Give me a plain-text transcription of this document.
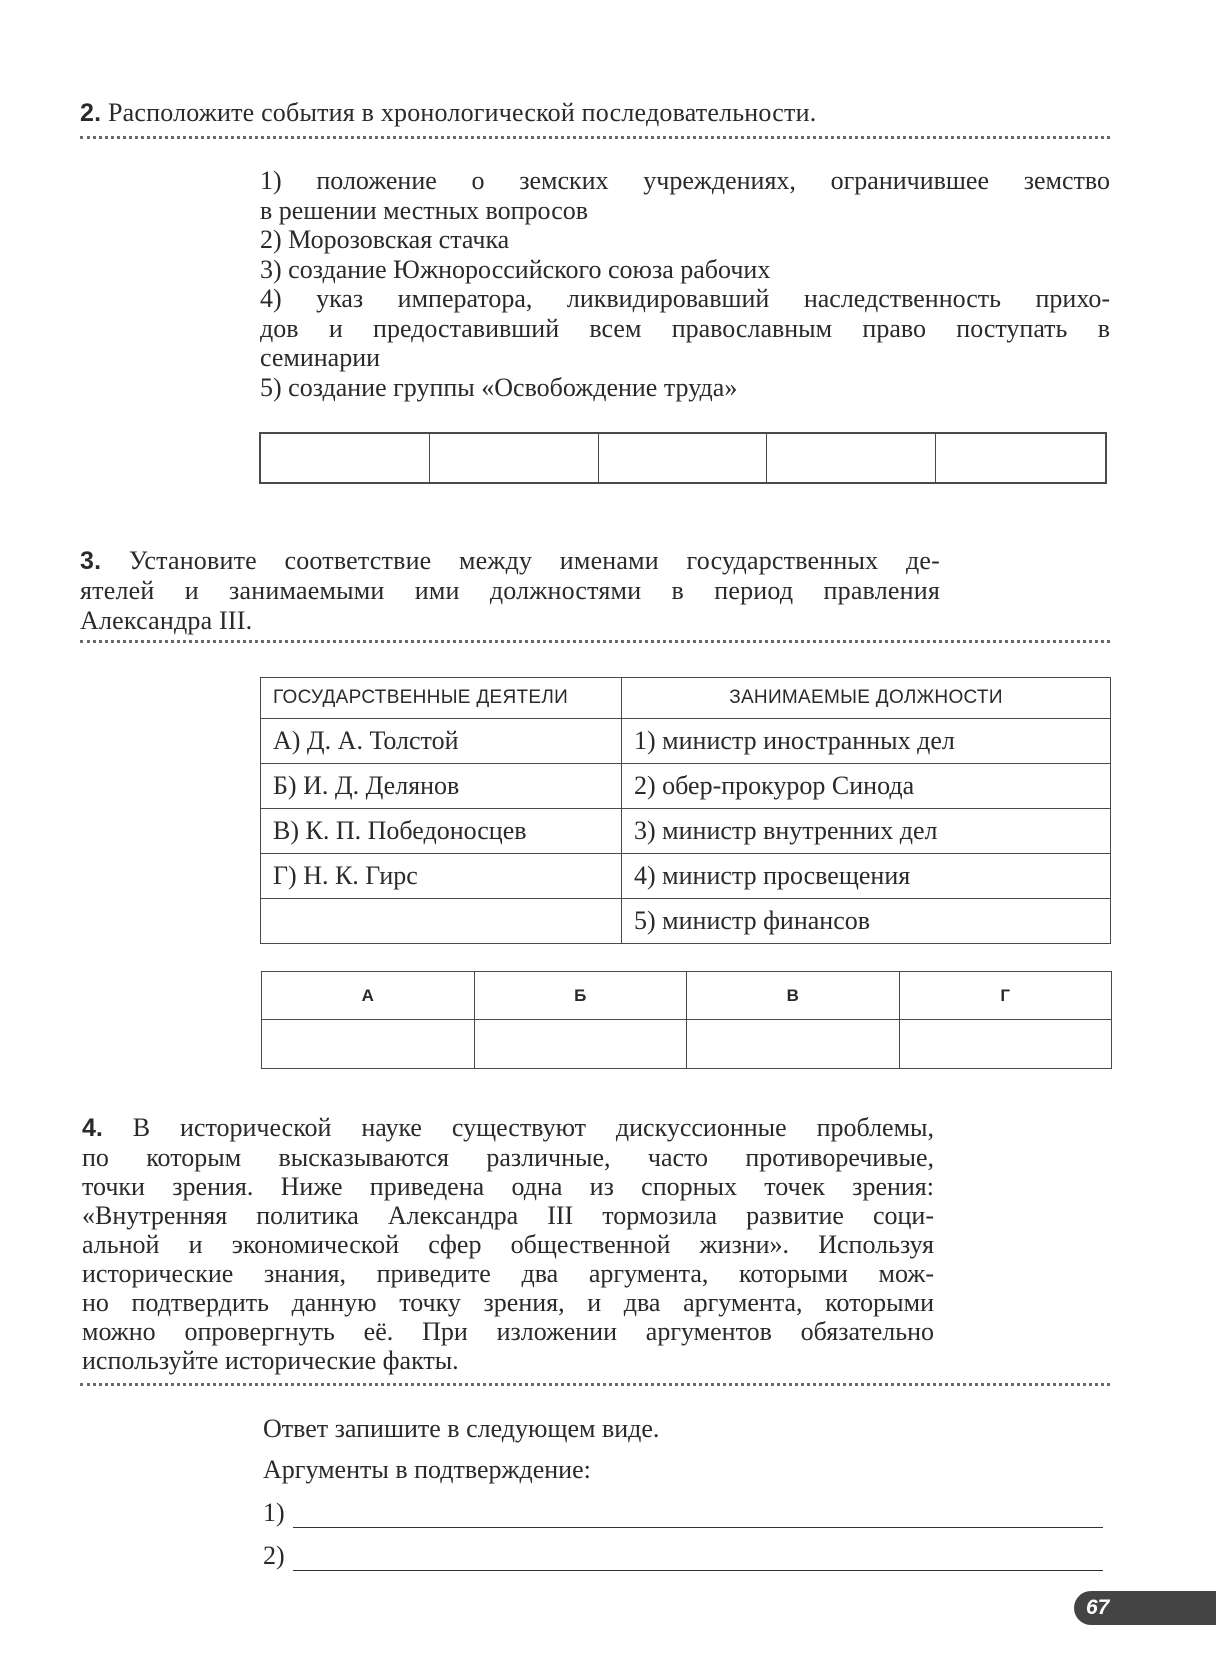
2. Расположите события в хронологической последовательности.
1) положение о земских учреждениях, ограничившее земство
в решении местных вопросов
2) Морозовская стачка
3) создание Южнороссийского союза рабочих
4) указ императора, ликвидировавший наследственность прихо-
дов и предоставивший всем православным право поступать в
семинарии
5) создание группы «Освобождение труда»
3. Установите соответствие между именами государственных де-
ятелей и занимаемыми ими должностями в период правления
Александра III.
ГОСУДАРСТВЕННЫЕ ДЕЯТЕЛИ	ЗАНИМАЕМЫЕ ДОЛЖНОСТИ
А) Д. А. Толстой	1) министр иностранных дел
Б) И. Д. Делянов	2) обер-прокурор Синода
В) К. П. Победоносцев	3) министр внутренних дел
Г) Н. К. Гирс	4) министр просвещения
	5) министр финансов
А	Б	В	Г

4. В исторической науке существуют дискуссионные проблемы,
по которым высказываются различные, часто противоречивые,
точки зрения. Ниже приведена одна из спорных точек зрения:
«Внутренняя политика Александра III тормозила развитие соци-
альной и экономической сфер общественной жизни». Используя
исторические знания, приведите два аргумента, которыми мож-
но подтвердить данную точку зрения, и два аргумента, которыми
можно опровергнуть её. При изложении аргументов обязательно
используйте исторические факты.
Ответ запишите в следующем виде.
Аргументы в подтверждение:
1)
2)
67
